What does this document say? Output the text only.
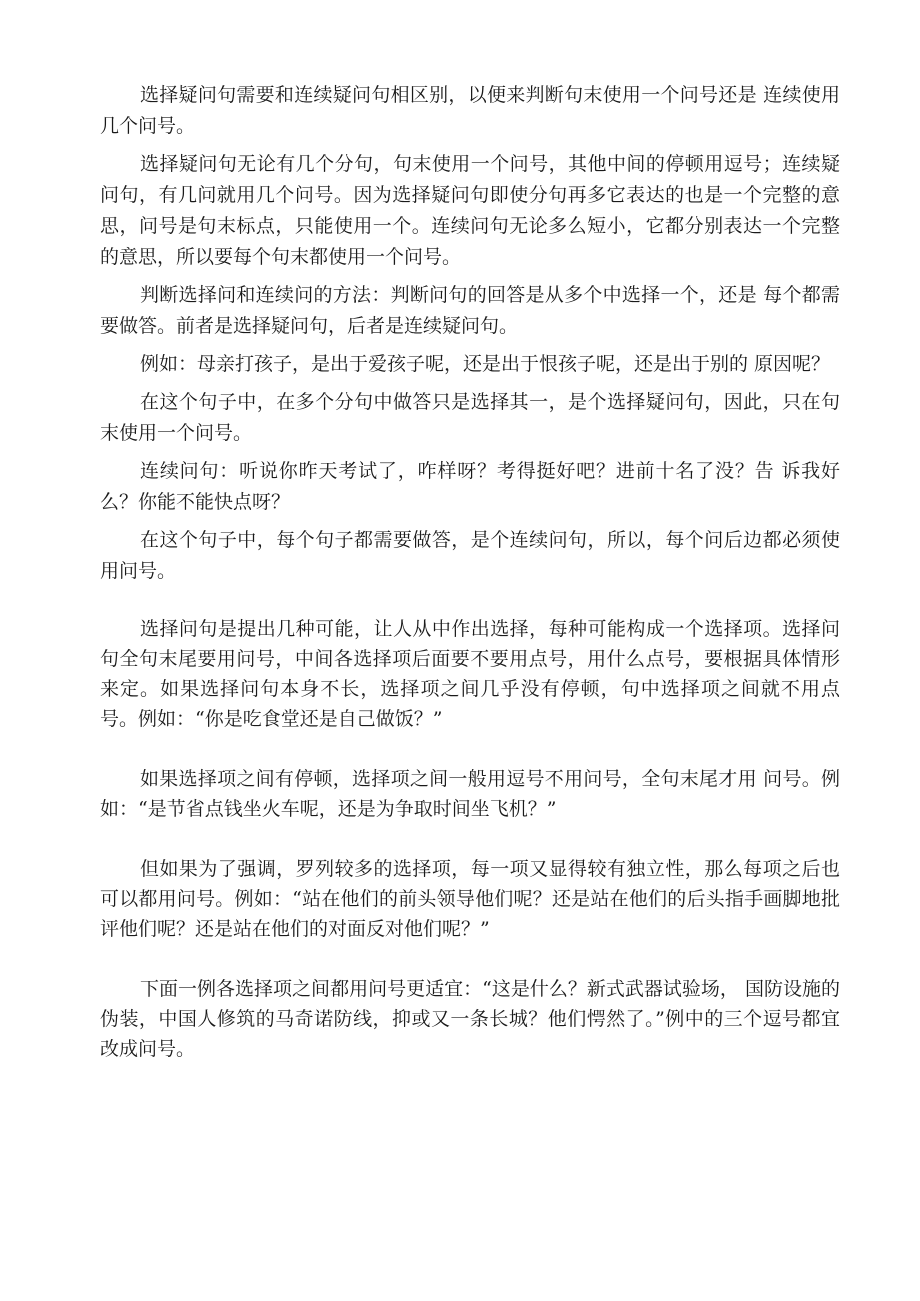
选择疑问句需要和连续疑问句相区别，以便来判断句末使用一个问号还是 连续使用几个问号。

选择疑问句无论有几个分句，句末使用一个问号，其他中间的停顿用逗号；连续疑问句，有几问就用几个问号。因为选择疑问句即使分句再多它表达的也是一个完整的意思，问号是句末标点，只能使用一个。连续问句无论多么短小，它都分别表达一个完整的意思，所以要每个句末都使用一个问号。

判断选择问和连续问的方法：判断问句的回答是从多个中选择一个，还是 每个都需要做答。前者是选择疑问句，后者是连续疑问句。

例如：母亲打孩子，是出于爱孩子呢，还是出于恨孩子呢，还是出于别的 原因呢？

在这个句子中，在多个分句中做答只是选择其一，是个选择疑问句，因此，只在句末使用一个问号。

连续问句：听说你昨天考试了，咋样呀？考得挺好吧？进前十名了没？告 诉我好么？你能不能快点呀？

在这个句子中，每个句子都需要做答，是个连续问句，所以，每个问后边都必须使用问号。

选择问句是提出几种可能，让人从中作出选择，每种可能构成一个选择项。选择问句全句末尾要用问号，中间各选择项后面要不要用点号，用什么点号，要根据具体情形来定。如果选择问句本身不长，选择项之间几乎没有停顿，句中选择项之间就不用点号。例如：“你是吃食堂还是自己做饭？”

如果选择项之间有停顿，选择项之间一般用逗号不用问号，全句末尾才用 问号。例如：“是节省点钱坐火车呢，还是为争取时间坐飞机？”

但如果为了强调，罗列较多的选择项，每一项又显得较有独立性，那么每项之后也可以都用问号。例如：“站在他们的前头领导他们呢？还是站在他们的后头指手画脚地批评他们呢？还是站在他们的对面反对他们呢？”

下面一例各选择项之间都用问号更适宜：“这是什么？新式武器试验场， 国防设施的伪装，中国人修筑的马奇诺防线，抑或又一条长城？他们愕然了。”例中的三个逗号都宜改成问号。
